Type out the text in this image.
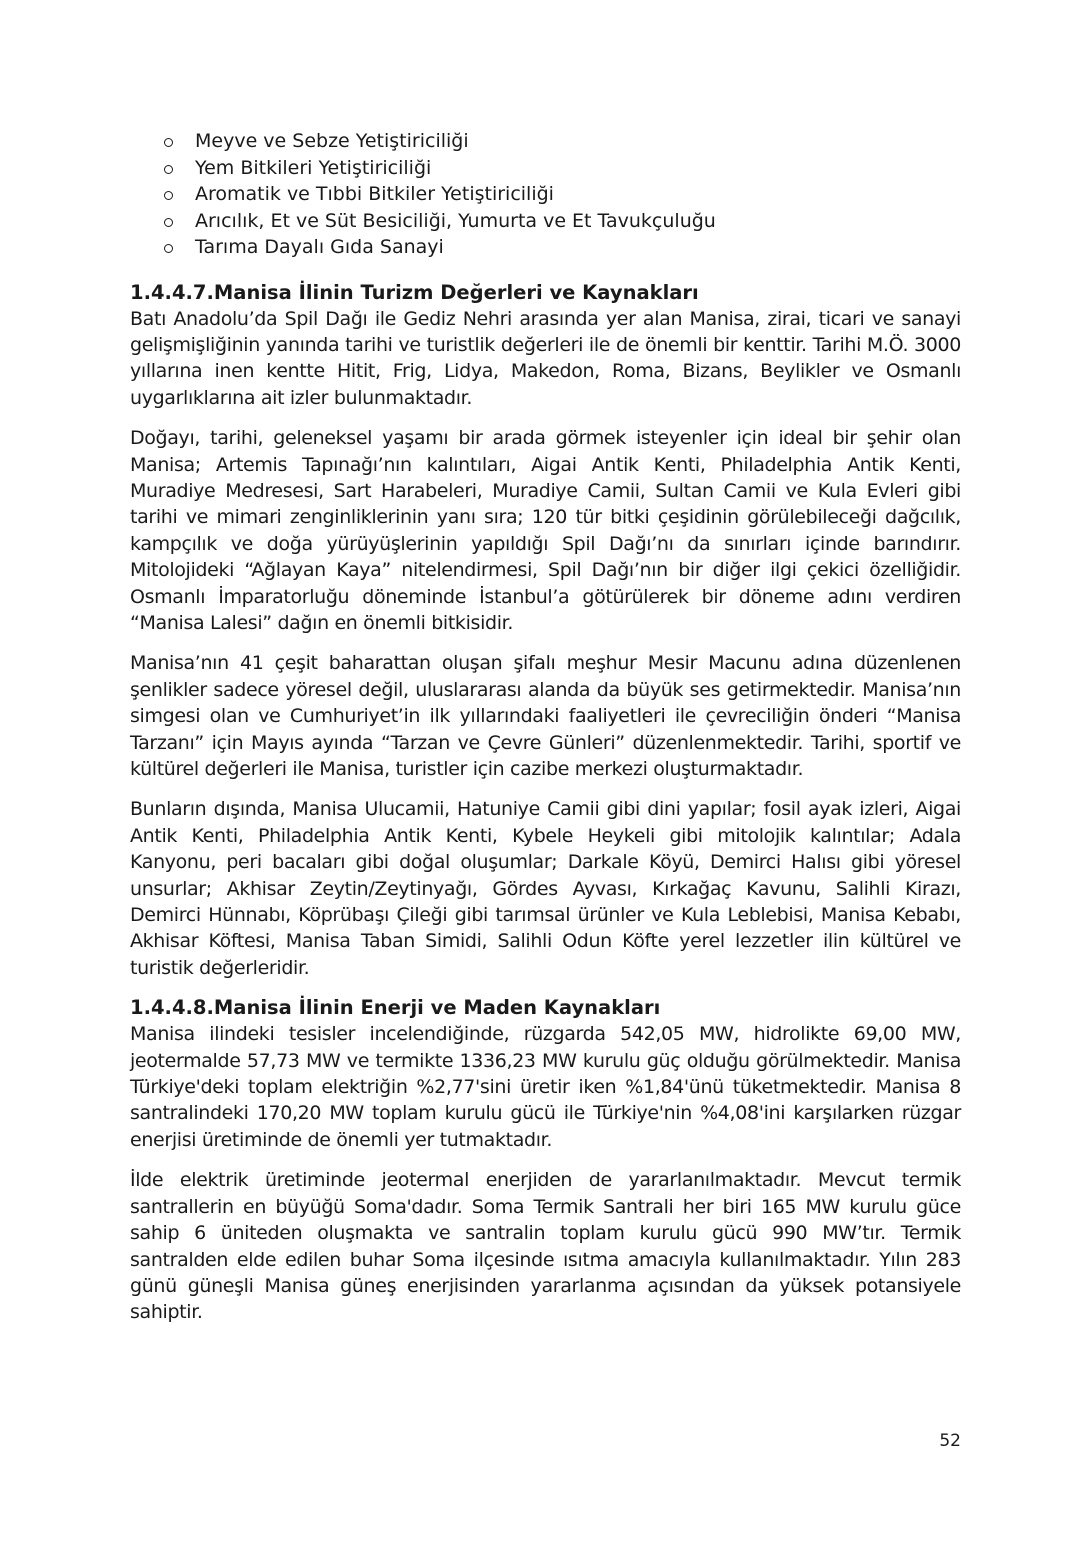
Meyve ve Sebze Yetiştiriciliği
Yem Bitkileri Yetiştiriciliği
Aromatik ve Tıbbi Bitkiler Yetiştiriciliği
Arıcılık, Et ve Süt Besiciliği, Yumurta ve Et Tavukçuluğu
Tarıma Dayalı Gıda Sanayi
1.4.4.7.Manisa İlinin Turizm Değerleri ve Kaynakları

Batı Anadolu’da Spil Dağı ile Gediz Nehri arasında yer alan Manisa, zirai, ticari ve sanayi gelişmişliğinin yanında tarihi ve turistlik değerleri ile de önemli bir kenttir. Tarihi M.Ö. 3000 yıllarına inen kentte Hitit, Frig, Lidya, Makedon, Roma, Bizans, Beylikler ve Osmanlı uygarlıklarına ait izler bulunmaktadır.

Doğayı, tarihi, geleneksel yaşamı bir arada görmek isteyenler için ideal bir şehir olan Manisa; Artemis Tapınağı’nın kalıntıları, Aigai Antik Kenti, Philadelphia Antik Kenti, Muradiye Medresesi, Sart Harabeleri, Muradiye Camii, Sultan Camii ve Kula Evleri gibi tarihi ve mimari zenginliklerinin yanı sıra; 120 tür bitki çeşidinin görülebileceği dağcılık, kampçılık ve doğa yürüyüşlerinin yapıldığı Spil Dağı’nı da sınırları içinde barındırır. Mitolojideki “Ağlayan Kaya” nitelendirmesi, Spil Dağı’nın bir diğer ilgi çekici özelliğidir. Osmanlı İmparatorluğu döneminde İstanbul’a götürülerek bir döneme adını verdiren “Manisa Lalesi” dağın en önemli bitkisidir.

Manisa’nın 41 çeşit baharattan oluşan şifalı meşhur Mesir Macunu adına düzenlenen şenlikler sadece yöresel değil, uluslararası alanda da büyük ses getirmektedir. Manisa’nın simgesi olan ve Cumhuriyet’in ilk yıllarındaki faaliyetleri ile çevreciliğin önderi “Manisa Tarzanı” için Mayıs ayında “Tarzan ve Çevre Günleri” düzenlenmektedir. Tarihi, sportif ve kültürel değerleri ile Manisa, turistler için cazibe merkezi oluşturmaktadır.

Bunların dışında, Manisa Ulucamii, Hatuniye Camii gibi dini yapılar; fosil ayak izleri, Aigai Antik Kenti, Philadelphia Antik Kenti, Kybele Heykeli gibi mitolojik kalıntılar; Adala Kanyonu, peri bacaları gibi doğal oluşumlar; Darkale Köyü, Demirci Halısı gibi yöresel unsurlar; Akhisar Zeytin/Zeytinyağı, Gördes Ayvası, Kırkağaç Kavunu, Salihli Kirazı, Demirci Hünnabı, Köprübaşı Çileği gibi tarımsal ürünler ve Kula Leblebisi, Manisa Kebabı, Akhisar Köftesi, Manisa Taban Simidi, Salihli Odun Köfte yerel lezzetler ilin kültürel ve turistik değerleridir.

1.4.4.8.Manisa İlinin Enerji ve Maden Kaynakları

Manisa ilindeki tesisler incelendiğinde, rüzgarda 542,05 MW, hidrolikte 69,00 MW, jeotermalde 57,73 MW ve termikte 1336,23 MW kurulu güç olduğu görülmektedir. Manisa Türkiye'deki toplam elektriğin %2,77'sini üretir iken %1,84'ünü tüketmektedir. Manisa 8 santralindeki 170,20 MW toplam kurulu gücü ile Türkiye'nin %4,08'ini karşılarken rüzgar enerjisi üretiminde de önemli yer tutmaktadır.

İlde elektrik üretiminde jeotermal enerjiden de yararlanılmaktadır. Mevcut termik santrallerin en büyüğü Soma'dadır. Soma Termik Santrali her biri 165 MW kurulu güce sahip 6 üniteden oluşmakta ve santralin toplam kurulu gücü 990 MW’tır. Termik santralden elde edilen buhar Soma ilçesinde ısıtma amacıyla kullanılmaktadır. Yılın 283 günü güneşli Manisa güneş enerjisinden yararlanma açısından da yüksek potansiyele sahiptir.

52
